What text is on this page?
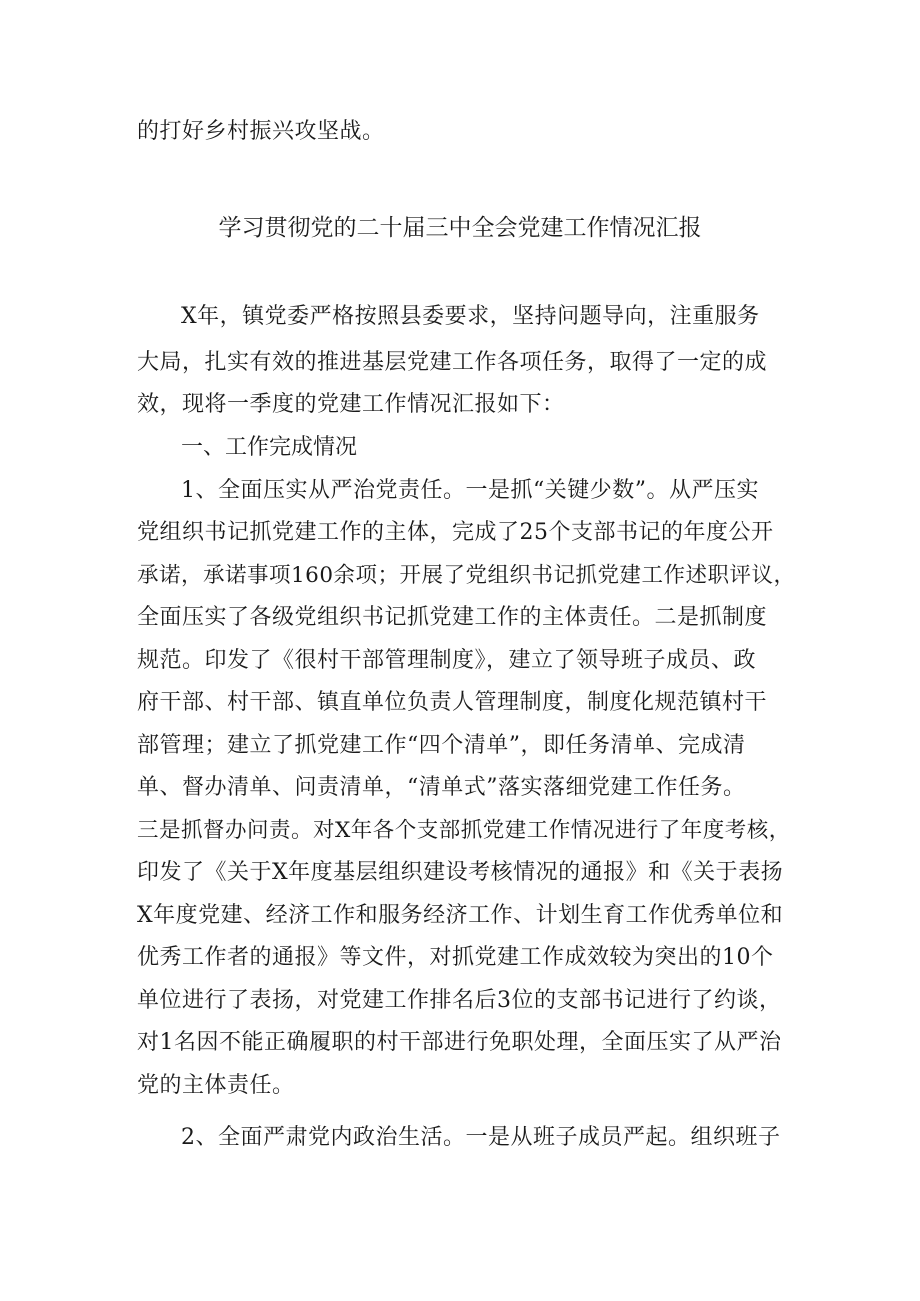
的打好乡村振兴攻坚战。
学习贯彻党的二十届三中全会党建工作情况汇报
X年，镇党委严格按照县委要求，坚持问题导向，注重服务
大局，扎实有效的推进基层党建工作各项任务，取得了一定的成
效，现将一季度的党建工作情况汇报如下：
一、工作完成情况
1、全面压实从严治党责任。一是抓“关键少数”。从严压实
党组织书记抓党建工作的主体，完成了25个支部书记的年度公开
承诺，承诺事项160余项；开展了党组织书记抓党建工作述职评议，
全面压实了各级党组织书记抓党建工作的主体责任。二是抓制度
规范。印发了《很村干部管理制度》，建立了领导班子成员、政
府干部、村干部、镇直单位负责人管理制度，制度化规范镇村干
部管理；建立了抓党建工作“四个清单”，即任务清单、完成清
单、督办清单、问责清单，“清单式”落实落细党建工作任务。
三是抓督办问责。对X年各个支部抓党建工作情况进行了年度考核，
印发了《关于X年度基层组织建设考核情况的通报》和《关于表扬
X年度党建、经济工作和服务经济工作、计划生育工作优秀单位和
优秀工作者的通报》等文件，对抓党建工作成效较为突出的10个
单位进行了表扬，对党建工作排名后3位的支部书记进行了约谈，
对1名因不能正确履职的村干部进行免职处理，全面压实了从严治
党的主体责任。
2、全面严肃党内政治生活。一是从班子成员严起。组织班子
